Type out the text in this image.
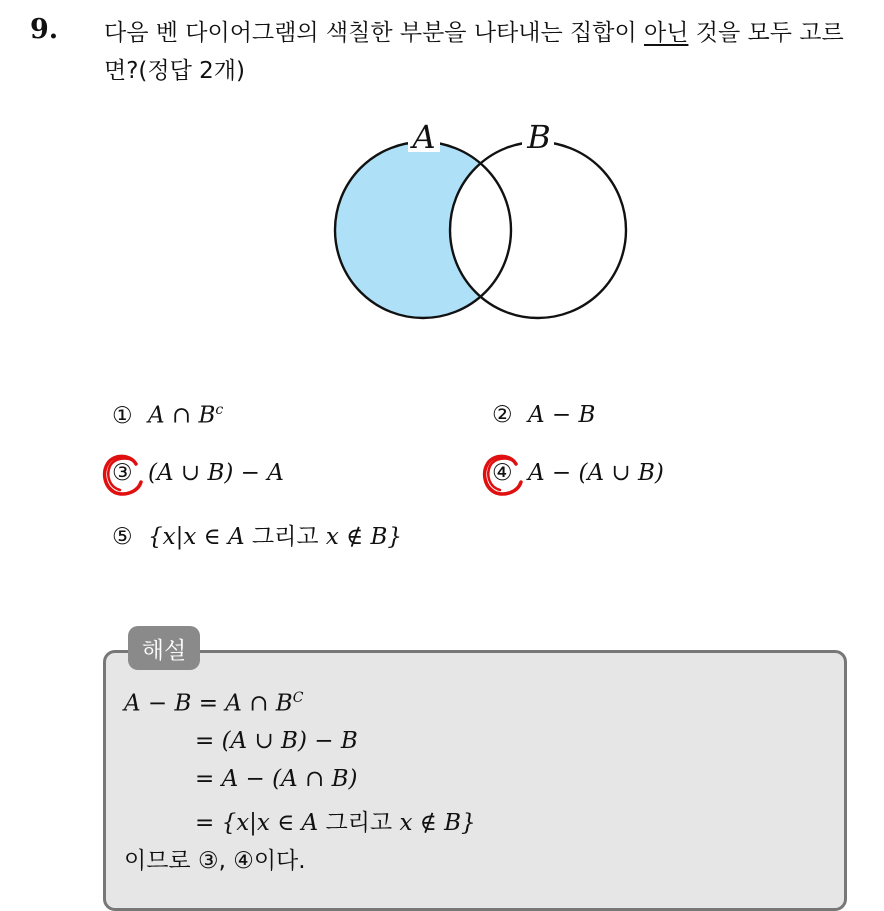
9. 다음 벤 다이어그램의 색칠한 부분을 나타내는 집합이 아닌 것을 모두 고르면?(정답 2개)
A	B
① A ∩ $B^c$	② A − B
③ (A ∪ B) − A	④ A − (A ∪ B)
⑤ {x|x ∈ A 그리고 x ∉ B}
해설
A − B = A ∩ $B^C$
= (A ∪ B) − B
= A − (A ∩ B)
= {x|x ∈ A 그리고 x ∉ B}
이므로 ③, ④이다.
